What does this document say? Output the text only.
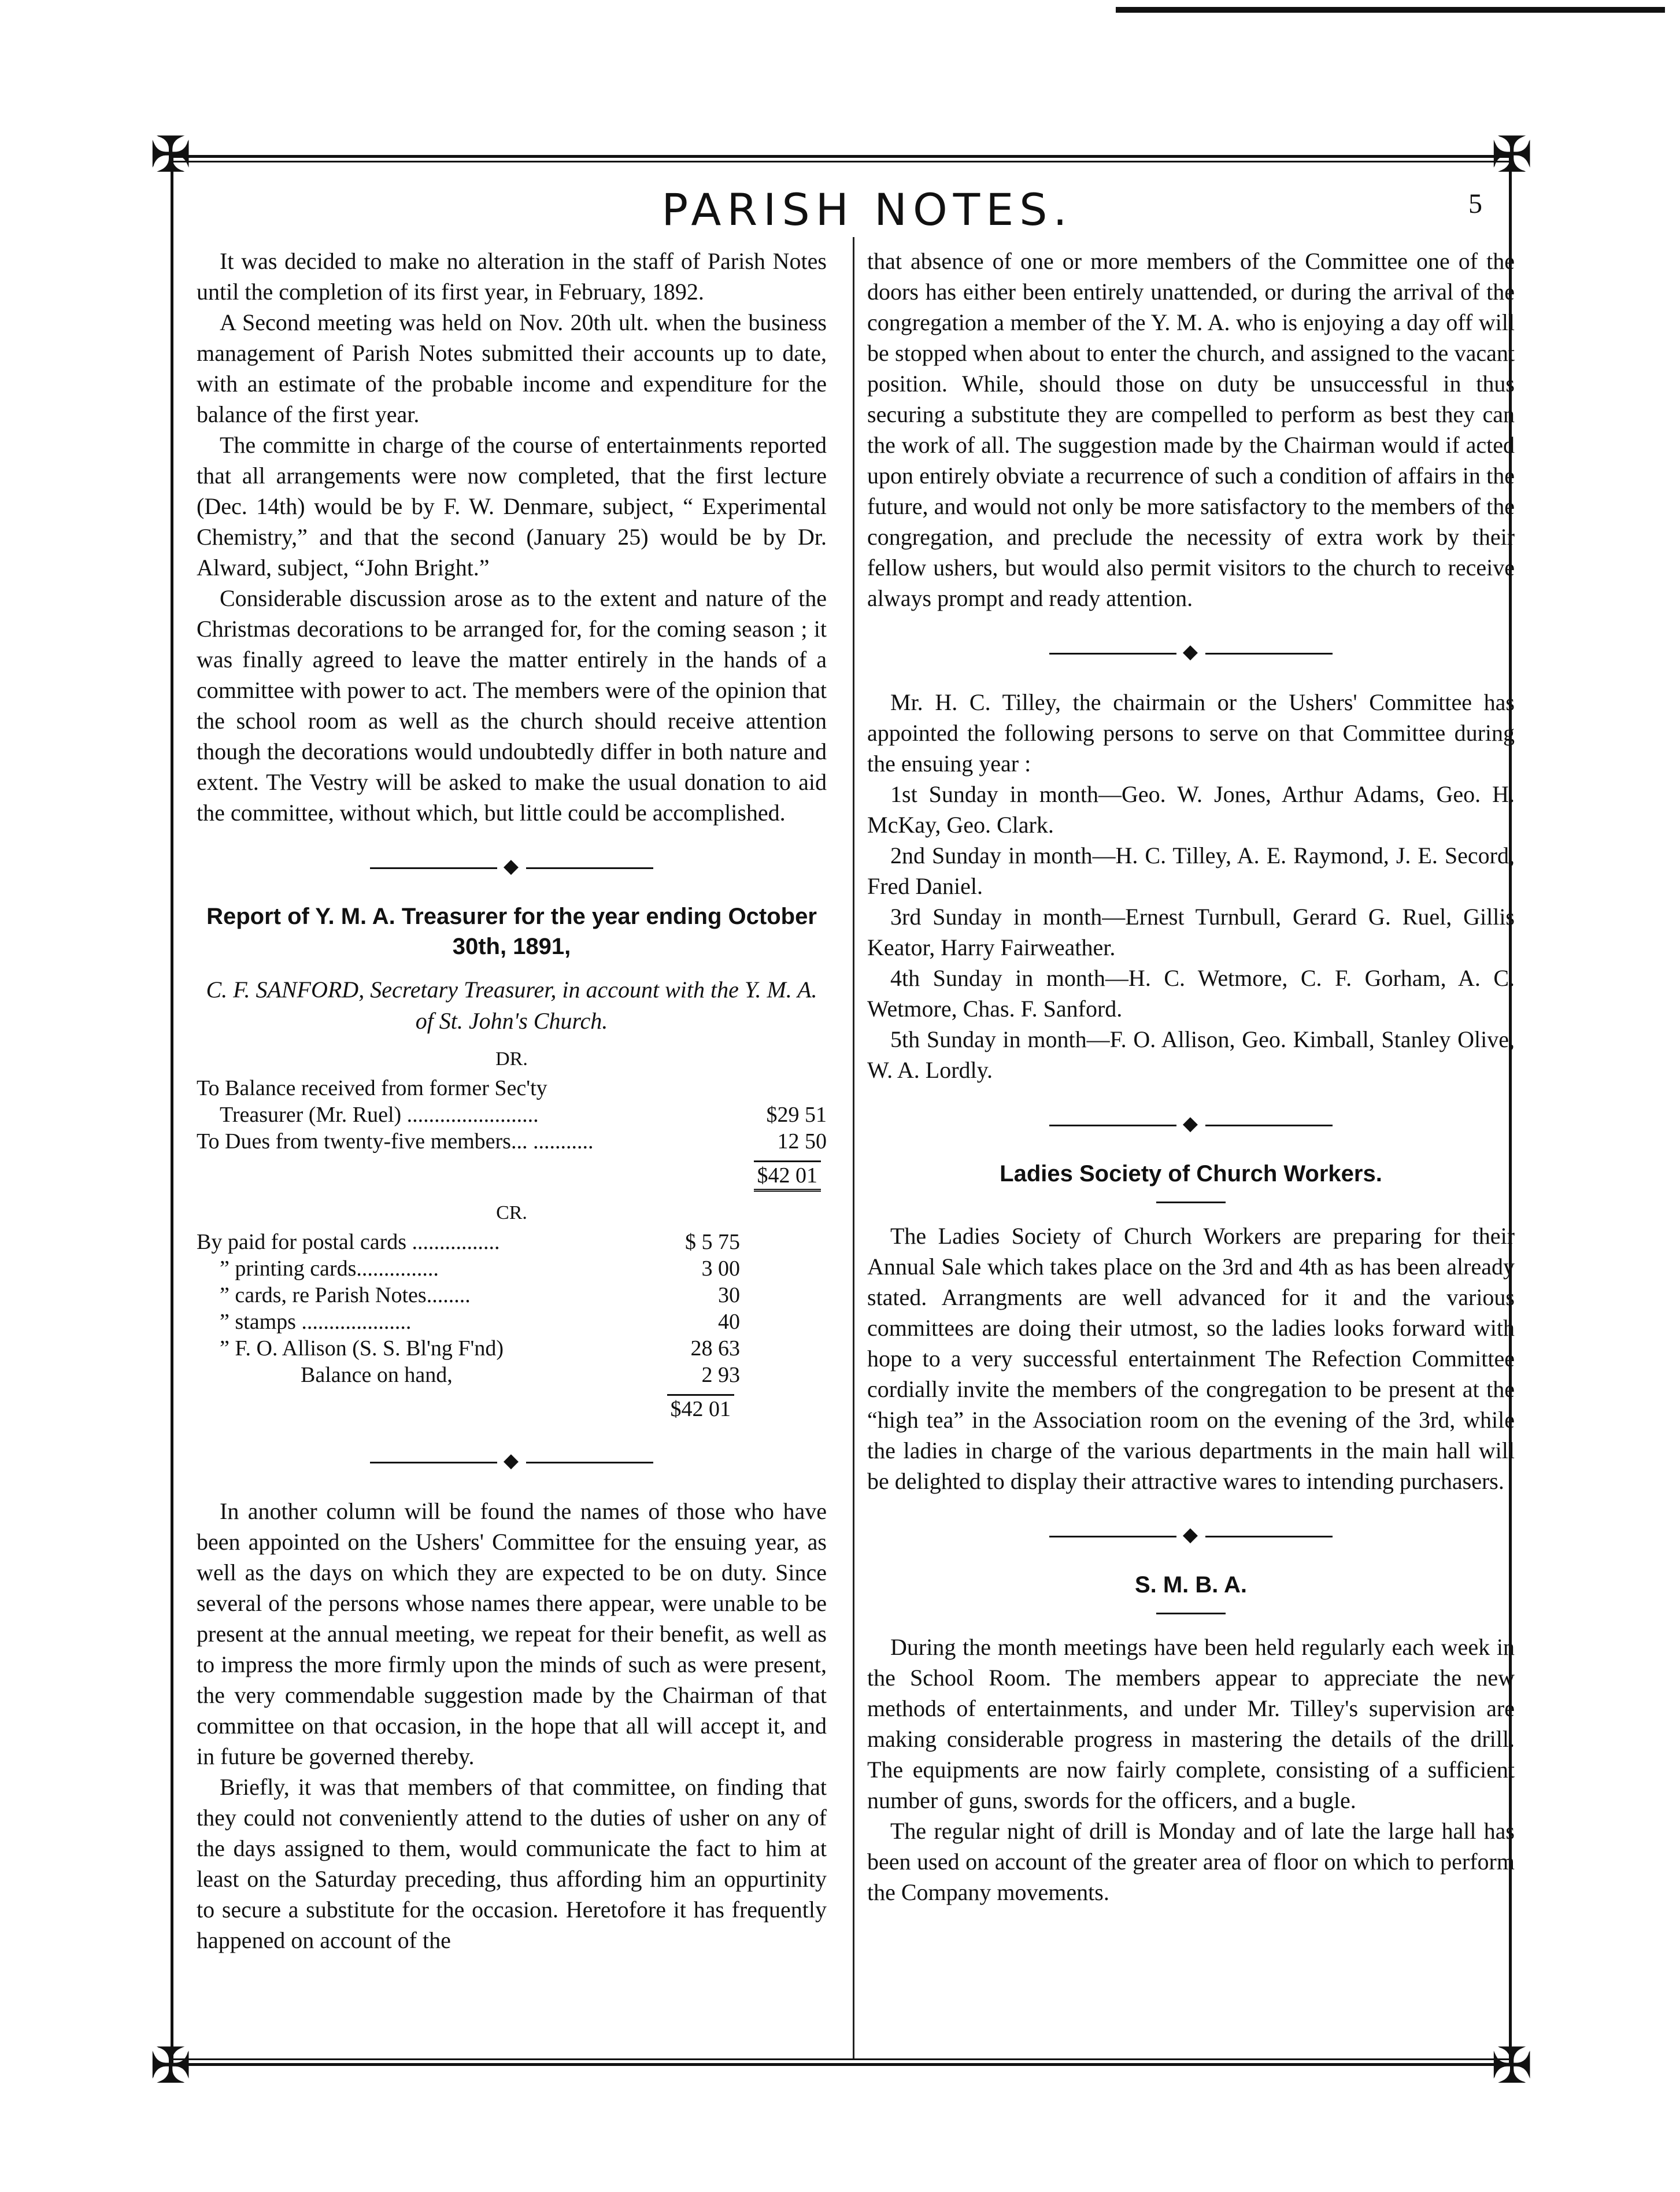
✠	✠
✠	✠
PARISH NOTES.	5

It was decided to make no alteration in the staff of Parish Notes until the completion of its first year, in February, 1892.

A Second meeting was held on Nov. 20th ult. when the business management of Parish Notes submitted their accounts up to date, with an estimate of the probable income and expenditure for the balance of the first year.

The committe in charge of the course of entertainments reported that all arrangements were now completed, that the first lecture (Dec. 14th) would be by F. W. Denmare, subject, “ Experimental Chemistry,” and that the second (January 25) would be by Dr. Alward, subject, “John Bright.”

Considerable discussion arose as to the extent and nature of the Christmas decorations to be arranged for, for the coming season ; it was finally agreed to leave the matter entirely in the hands of a committee with power to act. The members were of the opinion that the school room as well as the church should receive attention though the decorations would undoubtedly differ in both nature and extent. The Vestry will be asked to make the usual donation to aid the committee, without which, but little could be accomplished.

◆
Report of Y. M. A. Treasurer for the year ending October 30th, 1891,
C. F. SANFORD, Secretary Treasurer, in account with the Y. M. A. of St. John's Church.
DR.
To Balance received from former Sec'ty
Treasurer (Mr. Ruel) ........................	$29 51
To Dues from twenty-five members... ...........	12 50
$42 01
CR.
By paid for postal cards ................	$ 5 75
” printing cards...............	3 00
” cards, re Parish Notes........	30
” stamps ....................	40
” F. O. Allison (S. S. Bl'ng F'nd)	28 63
Balance on hand,	2 93
$42 01
◆

In another column will be found the names of those who have been appointed on the Ushers' Committee for the ensuing year, as well as the days on which they are expected to be on duty. Since several of the persons whose names there appear, were unable to be present at the annual meeting, we repeat for their benefit, as well as to impress the more firmly upon the minds of such as were present, the very commendable suggestion made by the Chairman of that committee on that occasion, in the hope that all will accept it, and in future be governed thereby.

Briefly, it was that members of that committee, on finding that they could not conveniently attend to the duties of usher on any of the days assigned to them, would communicate the fact to him at least on the Saturday preceding, thus affording him an oppurtinity to secure a substitute for the occasion. Heretofore it has frequently happened on account of the

that absence of one or more members of the Committee one of the doors has either been entirely unattended, or during the arrival of the congregation a member of the Y. M. A. who is enjoying a day off will be stopped when about to enter the church, and assigned to the vacant position. While, should those on duty be unsuccessful in thus securing a substitute they are compelled to perform as best they can the work of all. The suggestion made by the Chairman would if acted upon entirely obviate a recurrence of such a condition of affairs in the future, and would not only be more satisfactory to the members of the congregation, and preclude the necessity of extra work by their fellow ushers, but would also permit visitors to the church to receive always prompt and ready attention.

◆

Mr. H. C. Tilley, the chairmain or the Ushers' Committee has appointed the following persons to serve on that Committee during the ensuing year :

1st Sunday in month—Geo. W. Jones, Arthur Adams, Geo. H. McKay, Geo. Clark.

2nd Sunday in month—H. C. Tilley, A. E. Raymond, J. E. Secord, Fred Daniel.

3rd Sunday in month—Ernest Turnbull, Gerard G. Ruel, Gillis Keator, Harry Fairweather.

4th Sunday in month—H. C. Wetmore, C. F. Gorham, A. C. Wetmore, Chas. F. Sanford.

5th Sunday in month—F. O. Allison, Geo. Kimball, Stanley Olive, W. A. Lordly.

◆
Ladies Society of Church Workers.

The Ladies Society of Church Workers are preparing for their Annual Sale which takes place on the 3rd and 4th as has been already stated. Arrangments are well advanced for it and the various committees are doing their utmost, so the ladies looks forward with hope to a very successful entertainment The Refection Committee cordially invite the members of the congregation to be present at the “high tea” in the Association room on the evening of the 3rd, while the ladies in charge of the various departments in the main hall will be delighted to display their attractive wares to intending purchasers.

◆
S. M. B. A.

During the month meetings have been held regularly each week in the School Room. The members appear to appreciate the new methods of entertainments, and under Mr. Tilley's supervision are making considerable progress in mastering the details of the drill. The equipments are now fairly complete, consisting of a sufficient number of guns, swords for the officers, and a bugle.

The regular night of drill is Monday and of late the large hall has been used on account of the greater area of floor on which to perform the Company movements.
